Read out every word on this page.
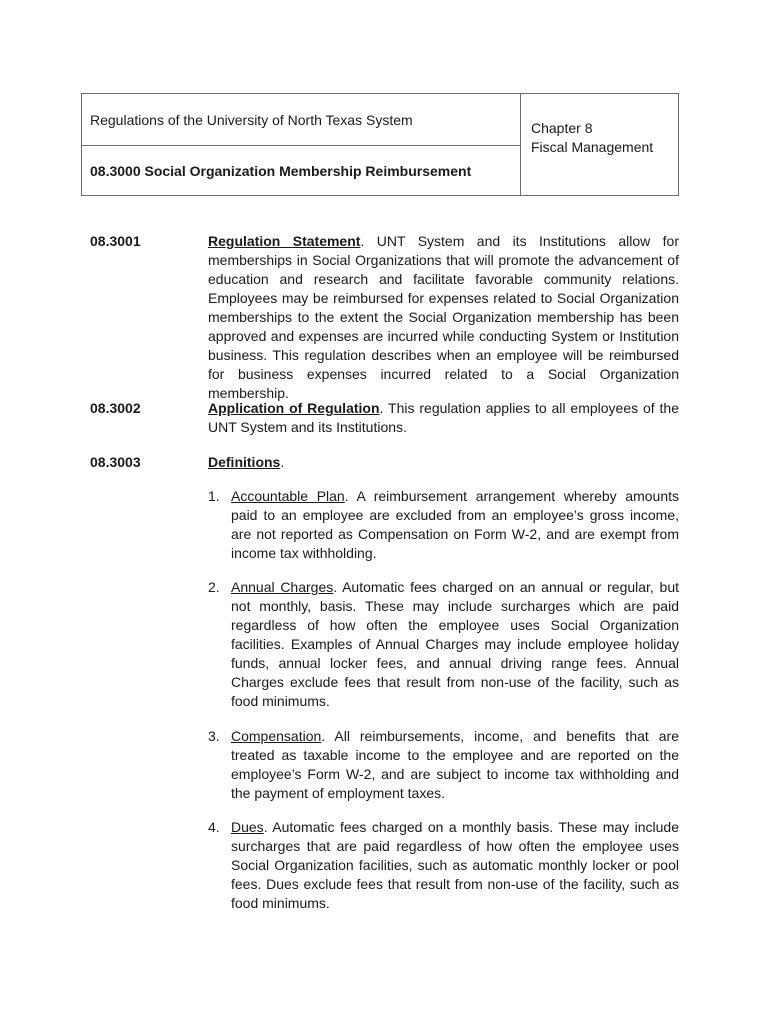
Regulations of the University of North Texas System
08.3000 Social Organization Membership Reimbursement
Chapter 8
Fiscal Management
08.3001	Regulation Statement. UNT System and its Institutions allow for memberships in Social Organizations that will promote the advancement of education and research and facilitate favorable community relations. Employees may be reimbursed for expenses related to Social Organization memberships to the extent the Social Organization membership has been approved and expenses are incurred while conducting System or Institution business. This regulation describes when an employee will be reimbursed for business expenses incurred related to a Social Organization membership.
08.3002	Application of Regulation. This regulation applies to all employees of the UNT System and its Institutions.
08.3003	Definitions.
1. Accountable Plan. A reimbursement arrangement whereby amounts paid to an employee are excluded from an employee’s gross income, are not reported as Compensation on Form W-2, and are exempt from income tax withholding.
2. Annual Charges. Automatic fees charged on an annual or regular, but not monthly, basis. These may include surcharges which are paid regardless of how often the employee uses Social Organization facilities. Examples of Annual Charges may include employee holiday funds, annual locker fees, and annual driving range fees. Annual Charges exclude fees that result from non-use of the facility, such as food minimums.
3. Compensation. All reimbursements, income, and benefits that are treated as taxable income to the employee and are reported on the employee’s Form W-2, and are subject to income tax withholding and the payment of employment taxes.
4. Dues. Automatic fees charged on a monthly basis. These may include surcharges that are paid regardless of how often the employee uses Social Organization facilities, such as automatic monthly locker or pool fees. Dues exclude fees that result from non-use of the facility, such as food minimums.
